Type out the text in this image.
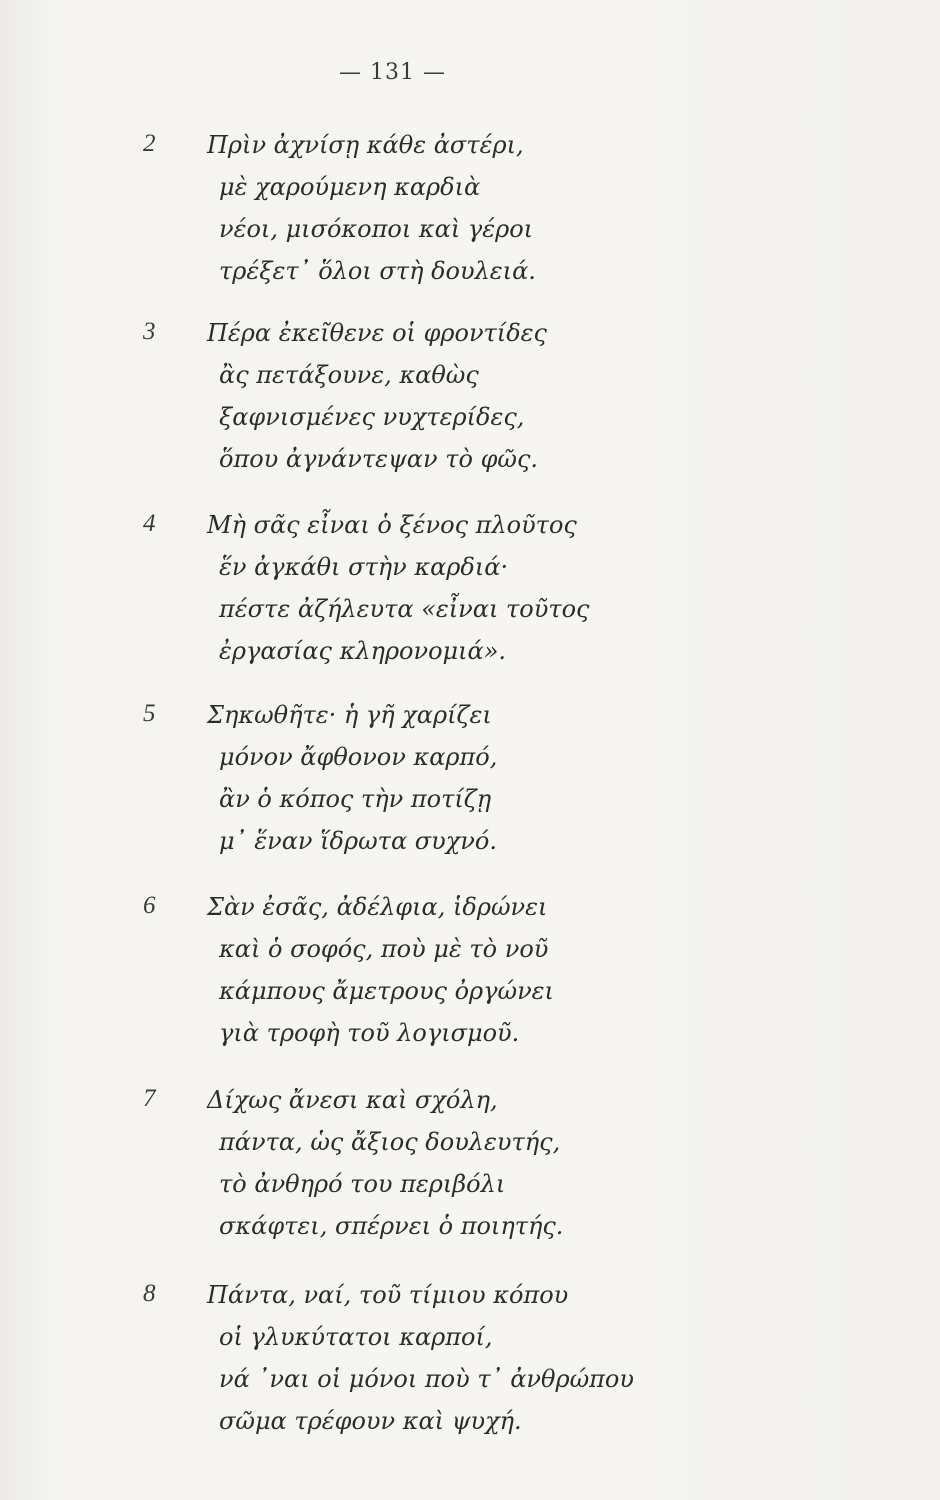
— 131 —
2 Πρὶν ἀχνίσῃ κάθε ἀστέρι,
μὲ χαρούμενη καρδιὰ
νέοι, μισόκοποι καὶ γέροι
τρέξετ᾿ ὅλοι στὴ δουλειά.
3 Πέρα ἐκεῖθενε οἱ φροντίδες
ἂς πετάξουνε, καθὼς
ξαφνισμένες νυχτερίδες,
ὅπου ἀγνάντεψαν τὸ φῶς.
4 Μὴ σᾶς εἶναι ὁ ξένος πλοῦτος
ἕν ἀγκάθι στὴν καρδιά·
πέστε ἀζήλευτα «εἶναι τοῦτος
ἐργασίας κληρονομιά».
5 Σηκωθῆτε· ἡ γῆ χαρίζει
μόνον ἄφθονον καρπό,
ἂν ὁ κόπος τὴν ποτίζῃ
μ᾿ ἕναν ἵδρωτα συχνό.
6 Σὰν ἐσᾶς, ἀδέλφια, ἱδρώνει
καὶ ὁ σοφός, ποὺ μὲ τὸ νοῦ
κάμπους ἄμετρους ὀργώνει
γιὰ τροφὴ τοῦ λογισμοῦ.
7 Δίχως ἄνεσι καὶ σχόλη,
πάντα, ὡς ἄξιος δουλευτής,
τὸ ἀνθηρό του περιβόλι
σκάφτει, σπέρνει ὁ ποιητής.
8 Πάντα, ναί, τοῦ τίμιου κόπου
οἱ γλυκύτατοι καρποί,
νά ᾿ναι οἱ μόνοι ποὺ τ᾿ ἀνθρώπου
σῶμα τρέφουν καὶ ψυχή.
